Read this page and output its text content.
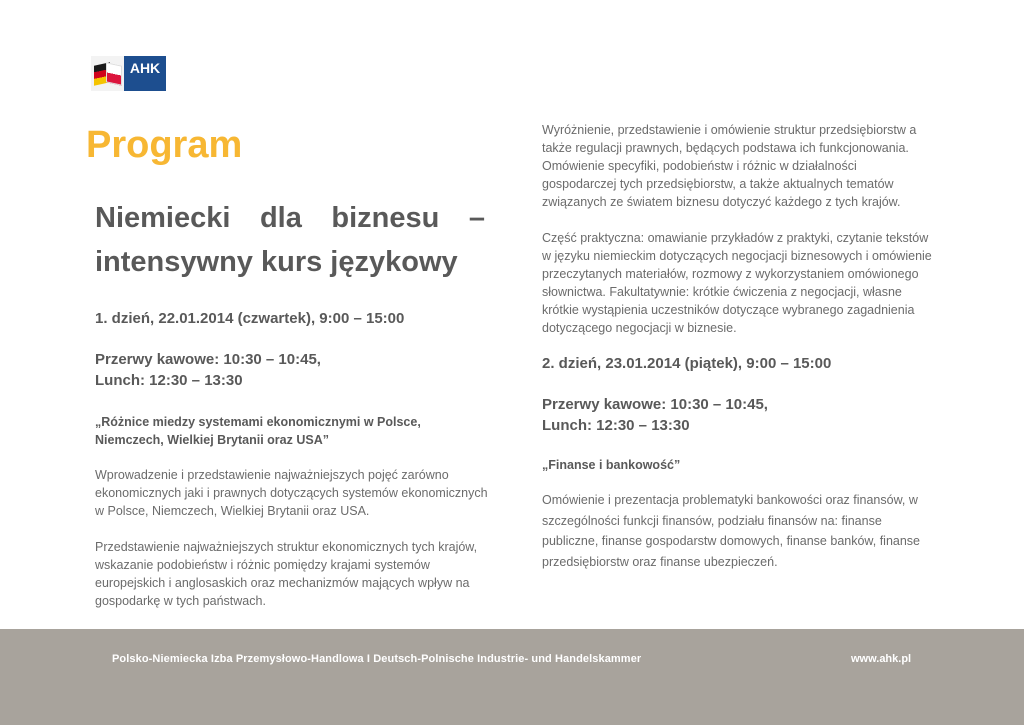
AHK
Program
Niemiecki dla biznesu – intensywny kurs językowy

1. dzień, 22.01.2014 (czwartek), 9:00 – 15:00

Przerwy kawowe: 10:30 – 10:45,

Lunch: 12:30 – 13:30

„Różnice miedzy systemami ekonomicznymi w Polsce, Niemczech, Wielkiej Brytanii oraz USA”

Wprowadzenie i przedstawienie najważniejszych pojęć zarówno ekonomicznych jaki i prawnych dotyczących systemów ekonomicznych w Polsce, Niemczech, Wielkiej Brytanii oraz USA.

Przedstawienie najważniejszych struktur ekonomicznych tych krajów, wskazanie podobieństw i różnic pomiędzy krajami systemów europejskich i anglosaskich oraz mechanizmów mających wpływ na gospodarkę w tych państwach.

Wyróżnienie, przedstawienie i omówienie struktur przedsiębiorstw a także regulacji prawnych, będących podstawa ich funkcjonowania. Omówienie specyfiki, podobieństw i różnic w działalności gospodarczej tych przedsiębiorstw, a także aktualnych tematów związanych ze światem biznesu dotyczyć każdego z tych krajów.

Część praktyczna: omawianie przykładów z praktyki, czytanie tekstów w języku niemieckim dotyczących negocjacji biznesowych i omówienie przeczytanych materiałów, rozmowy z wykorzystaniem omówionego słownictwa. Fakultatywnie: krótkie ćwiczenia z negocjacji, własne krótkie wystąpienia uczestników dotyczące wybranego zagadnienia dotyczącego negocjacji w biznesie.

2. dzień, 23.01.2014 (piątek), 9:00 – 15:00

Przerwy kawowe: 10:30 – 10:45,

Lunch: 12:30 – 13:30

„Finanse i bankowość”

Omówienie i prezentacja problematyki bankowości oraz finansów, w szczególności funkcji finansów, podziału finansów na: finanse publiczne, finanse gospodarstw domowych, finanse banków, finanse przedsiębiorstw oraz finanse ubezpieczeń.

Polsko-Niemiecka Izba Przemysłowo-Handlowa I Deutsch-Polnische Industrie- und Handelskammer	www.ahk.pl
